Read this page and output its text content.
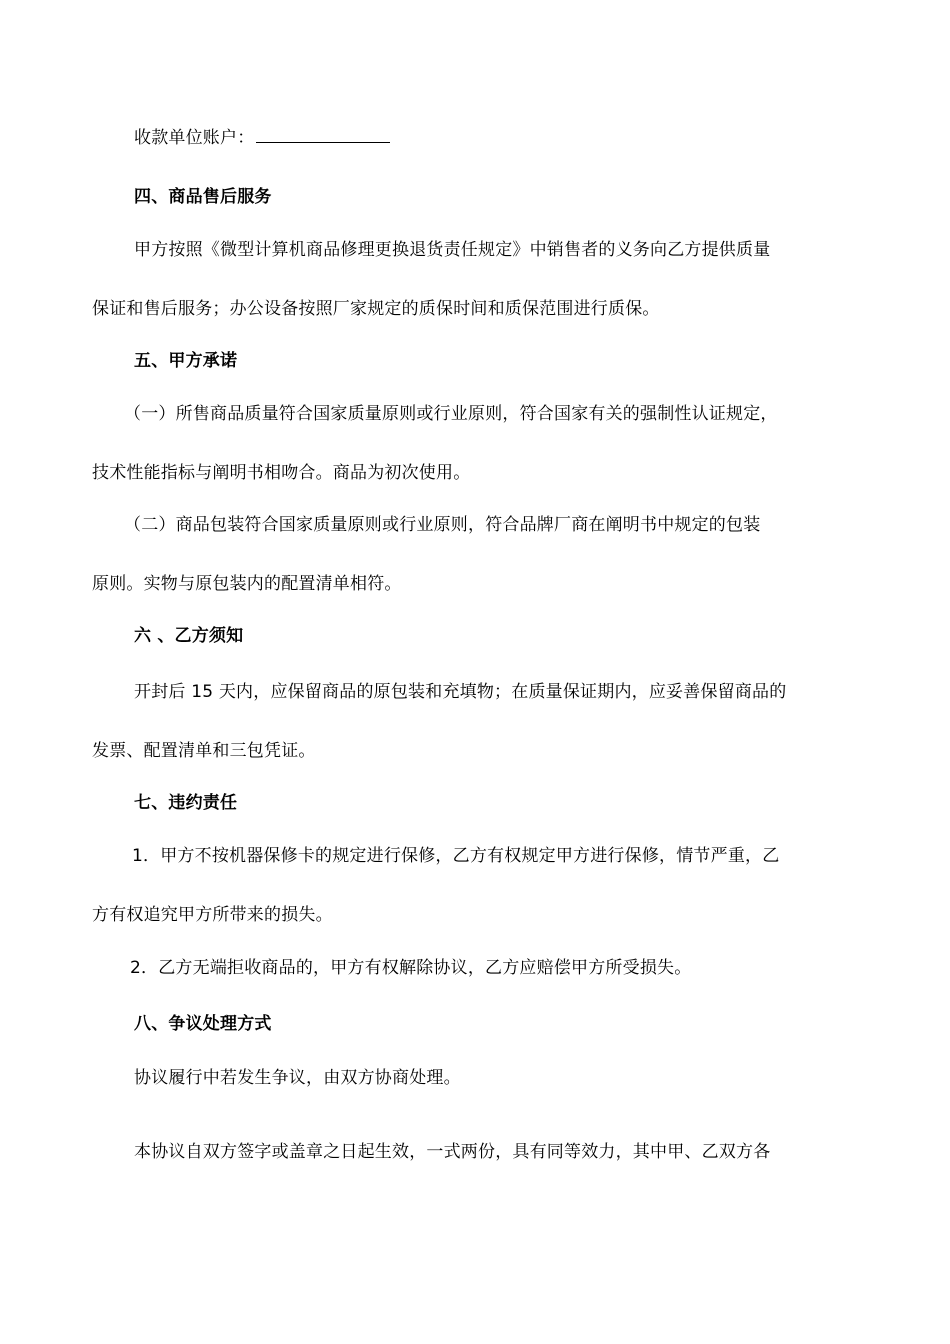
收款单位账户：
四、商品售后服务
甲方按照《微型计算机商品修理更换退货责任规定》中销售者的义务向乙方提供质量
保证和售后服务；办公设备按照厂家规定的质保时间和质保范围进行质保。
五、甲方承诺
（一）所售商品质量符合国家质量原则或行业原则，符合国家有关的强制性认证规定，
技术性能指标与阐明书相吻合。商品为初次使用。
（二）商品包装符合国家质量原则或行业原则，符合品牌厂商在阐明书中规定的包装
原则。实物与原包装内的配置清单相符。
六 、乙方须知
开封后 15 天内，应保留商品的原包装和充填物；在质量保证期内，应妥善保留商品的
发票、配置清单和三包凭证。
七、违约责任
1．甲方不按机器保修卡的规定进行保修，乙方有权规定甲方进行保修，情节严重，乙
方有权追究甲方所带来的损失。
2．乙方无端拒收商品的，甲方有权解除协议，乙方应赔偿甲方所受损失。
八、争议处理方式
协议履行中若发生争议，由双方协商处理。
本协议自双方签字或盖章之日起生效，一式两份，具有同等效力，其中甲、乙双方各
